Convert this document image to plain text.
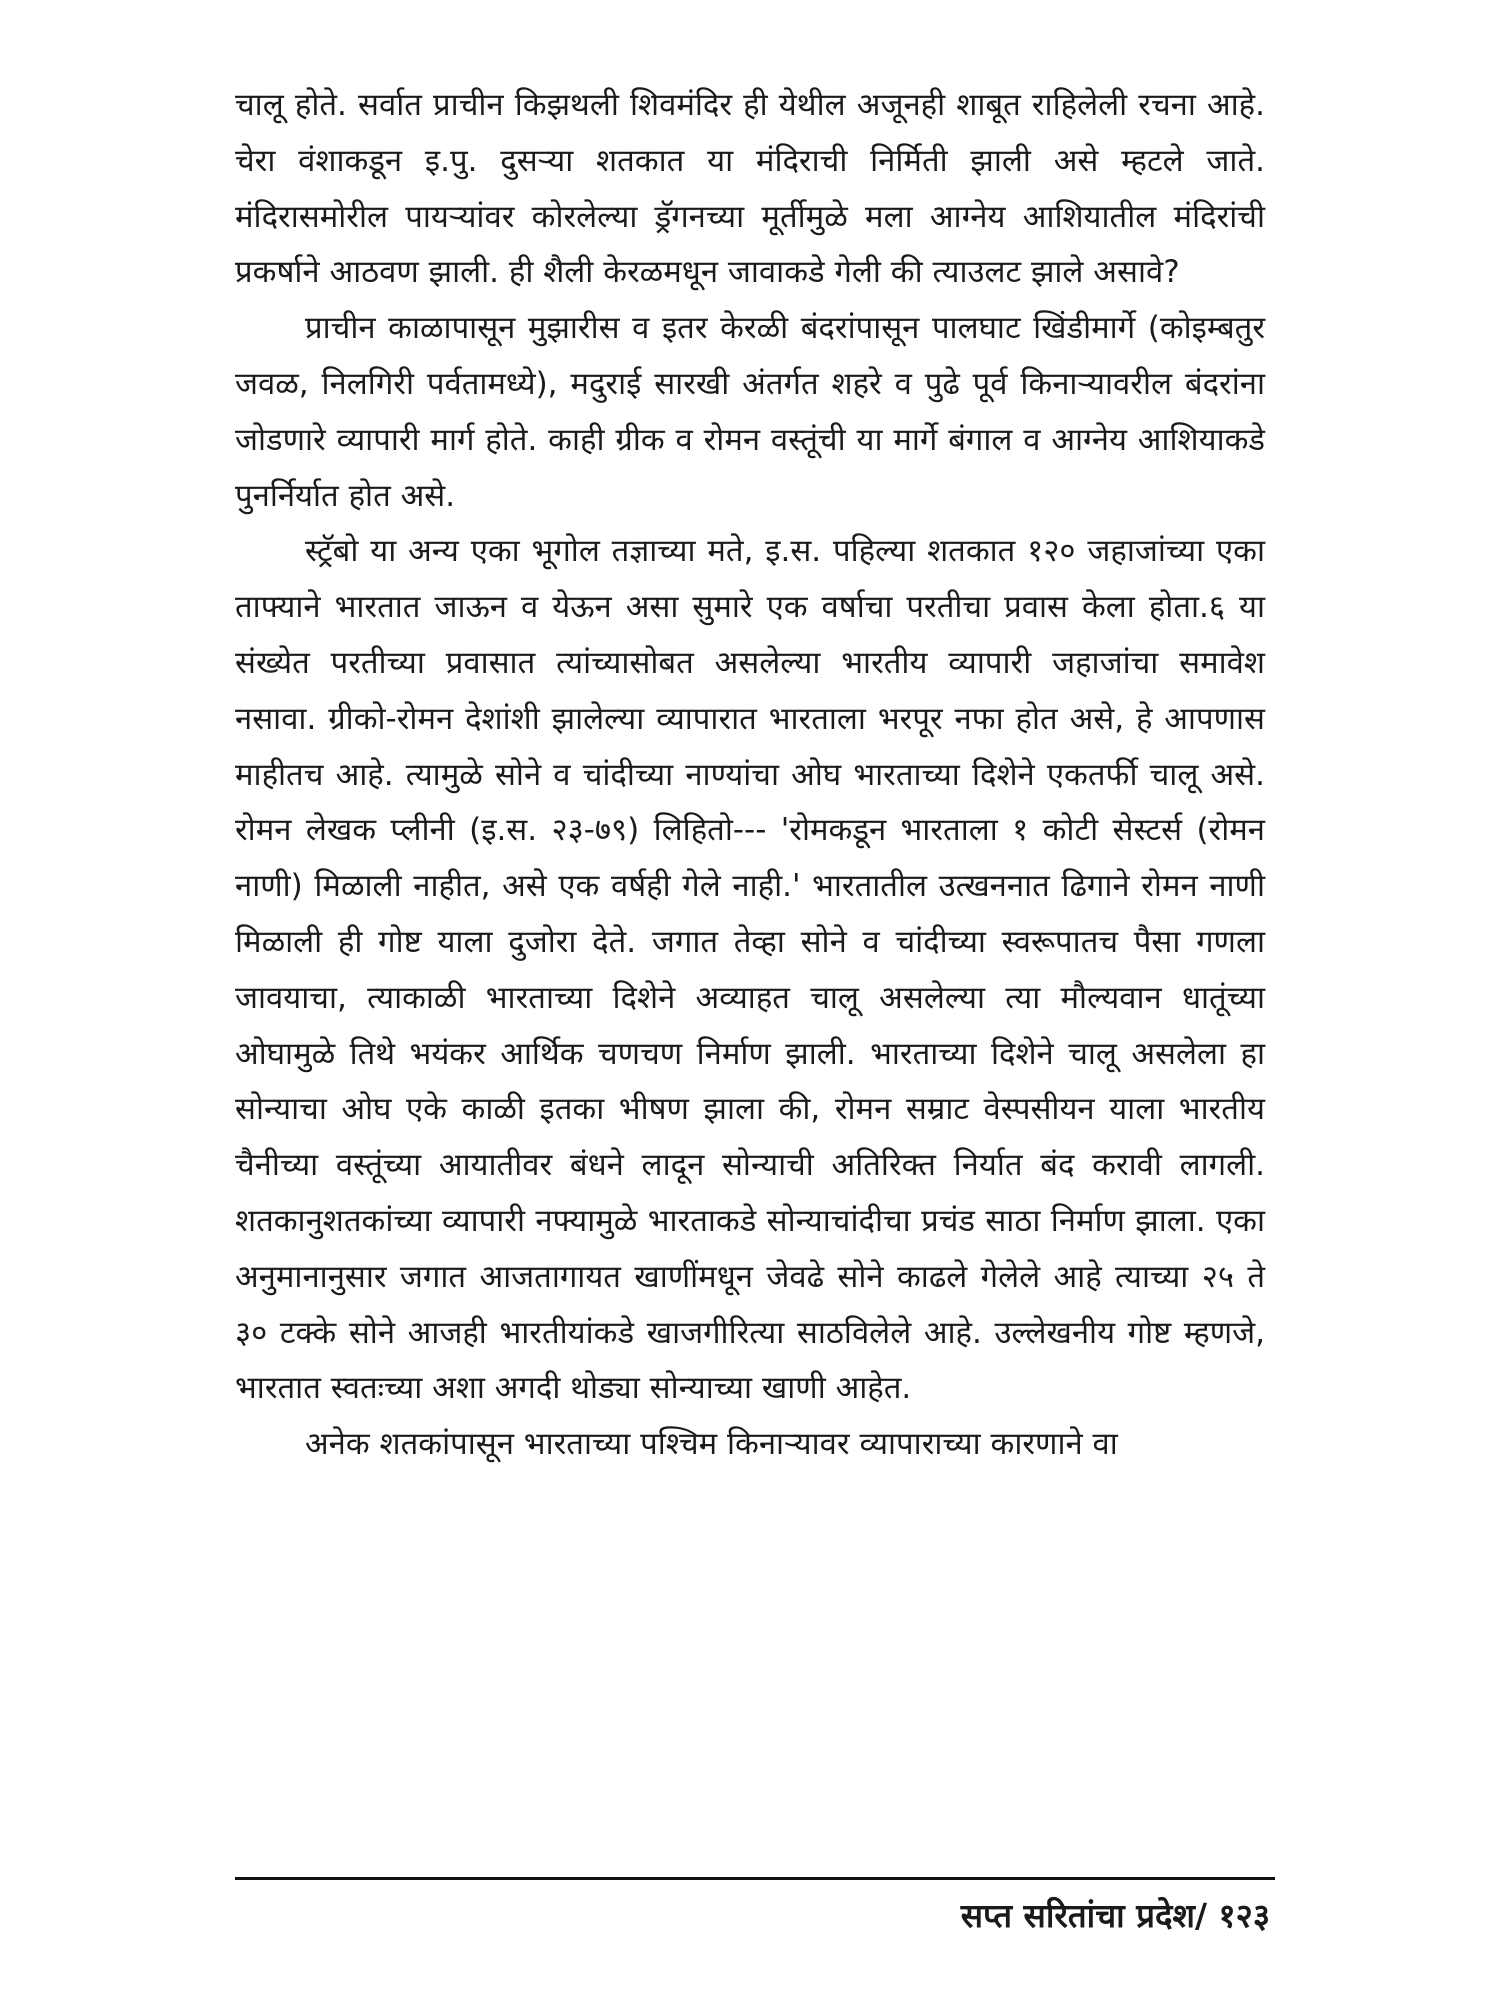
चालू होते. सर्वात प्राचीन किझथली शिवमंदिर ही येथील अजूनही शाबूत राहिलेली रचना आहे. चेरा वंशाकडून इ.पु. दुसऱ्या शतकात या मंदिराची निर्मिती झाली असे म्हटले जाते. मंदिरासमोरील पायऱ्यांवर कोरलेल्या ड्रॅगनच्या मूर्तीमुळे मला आग्नेय आशियातील मंदिरांची प्रकर्षाने आठवण झाली. ही शैली केरळमधून जावाकडे गेली की त्याउलट झाले असावे?

प्राचीन काळापासून मुझारीस व इतर केरळी बंदरांपासून पालघाट खिंडीमार्गे (कोइम्बतुर जवळ, निलगिरी पर्वतामध्ये), मदुराई सारखी अंतर्गत शहरे व पुढे पूर्व किनाऱ्यावरील बंदरांना जोडणारे व्यापारी मार्ग होते. काही ग्रीक व रोमन वस्तूंची या मार्गे बंगाल व आग्नेय आशियाकडे पुनर्निर्यात होत असे.

स्ट्रॅबो या अन्य एका भूगोल तज्ञाच्या मते, इ.स. पहिल्या शतकात १२० जहाजांच्या एका ताफ्याने भारतात जाऊन व येऊन असा सुमारे एक वर्षाचा परतीचा प्रवास केला होता.६ या संख्येत परतीच्या प्रवासात त्यांच्यासोबत असलेल्या भारतीय व्यापारी जहाजांचा समावेश नसावा. ग्रीको-रोमन देशांशी झालेल्या व्यापारात भारताला भरपूर नफा होत असे, हे आपणास माहीतच आहे. त्यामुळे सोने व चांदीच्या नाण्यांचा ओघ भारताच्या दिशेने एकतर्फी चालू असे. रोमन लेखक प्लीनी (इ.स. २३-७९) लिहितो--- 'रोमकडून भारताला १ कोटी सेस्टर्स (रोमन नाणी) मिळाली नाहीत, असे एक वर्षही गेले नाही.' भारतातील उत्खननात ढिगाने रोमन नाणी मिळाली ही गोष्ट याला दुजोरा देते. जगात तेव्हा सोने व चांदीच्या स्वरूपातच पैसा गणला जावयाचा, त्याकाळी भारताच्या दिशेने अव्याहत चालू असलेल्या त्या मौल्यवान धातूंच्या ओघामुळे तिथे भयंकर आर्थिक चणचण निर्माण झाली. भारताच्या दिशेने चालू असलेला हा सोन्याचा ओघ एके काळी इतका भीषण झाला की, रोमन सम्राट वेस्पसीयन याला भारतीय चैनीच्या वस्तूंच्या आयातीवर बंधने लादून सोन्याची अतिरिक्त निर्यात बंद करावी लागली. शतकानुशतकांच्या व्यापारी नफ्यामुळे भारताकडे सोन्याचांदीचा प्रचंड साठा निर्माण झाला. एका अनुमानानुसार जगात आजतागायत खाणींमधून जेवढे सोने काढले गेलेले आहे त्याच्या २५ ते ३० टक्के सोने आजही भारतीयांकडे खाजगीरित्या साठविलेले आहे. उल्लेखनीय गोष्ट म्हणजे, भारतात स्वतःच्या अशा अगदी थोड्या सोन्याच्या खाणी आहेत.

अनेक शतकांपासून भारताच्या पश्चिम किनाऱ्यावर व्यापाराच्या कारणाने वा

सप्त सरितांचा प्रदेश/ १२३
